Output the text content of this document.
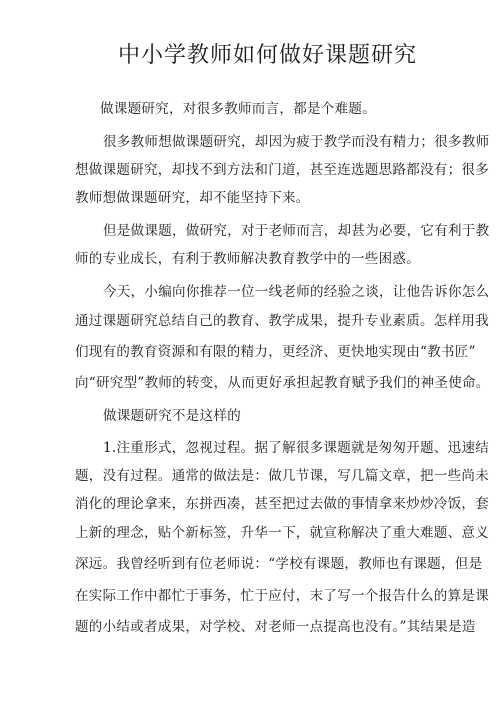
中小学教师如何做好课题研究
做课题研究，对很多教师而言，都是个难题。
很多教师想做课题研究，却因为疲于教学而没有精力；很多教师
想做课题研究，却找不到方法和门道，甚至连选题思路都没有；很多
教师想做课题研究，却不能坚持下来。
但是做课题，做研究，对于老师而言，却甚为必要，它有利于教
师的专业成长，有利于教师解决教育教学中的一些困惑。
今天，小编向你推荐一位一线老师的经验之谈，让他告诉你怎么
通过课题研究总结自己的教育、教学成果，提升专业素质。怎样用我
们现有的教育资源和有限的精力，更经济、更快地实现由“教书匠”
向“研究型”教师的转变，从而更好承担起教育赋予我们的神圣使命。
做课题研究不是这样的
1.注重形式，忽视过程。据了解很多课题就是匆匆开题、迅速结
题，没有过程。通常的做法是：做几节课，写几篇文章，把一些尚未
消化的理论拿来，东拼西凑，甚至把过去做的事情拿来炒炒冷饭，套
上新的理念，贴个新标签，升华一下，就宣称解决了重大难题、意义
深远。我曾经听到有位老师说：“学校有课题，教师也有课题，但是
在实际工作中都忙于事务，忙于应付，末了写一个报告什么的算是课
题的小结或者成果，对学校、对老师一点提高也没有。”其结果是造
